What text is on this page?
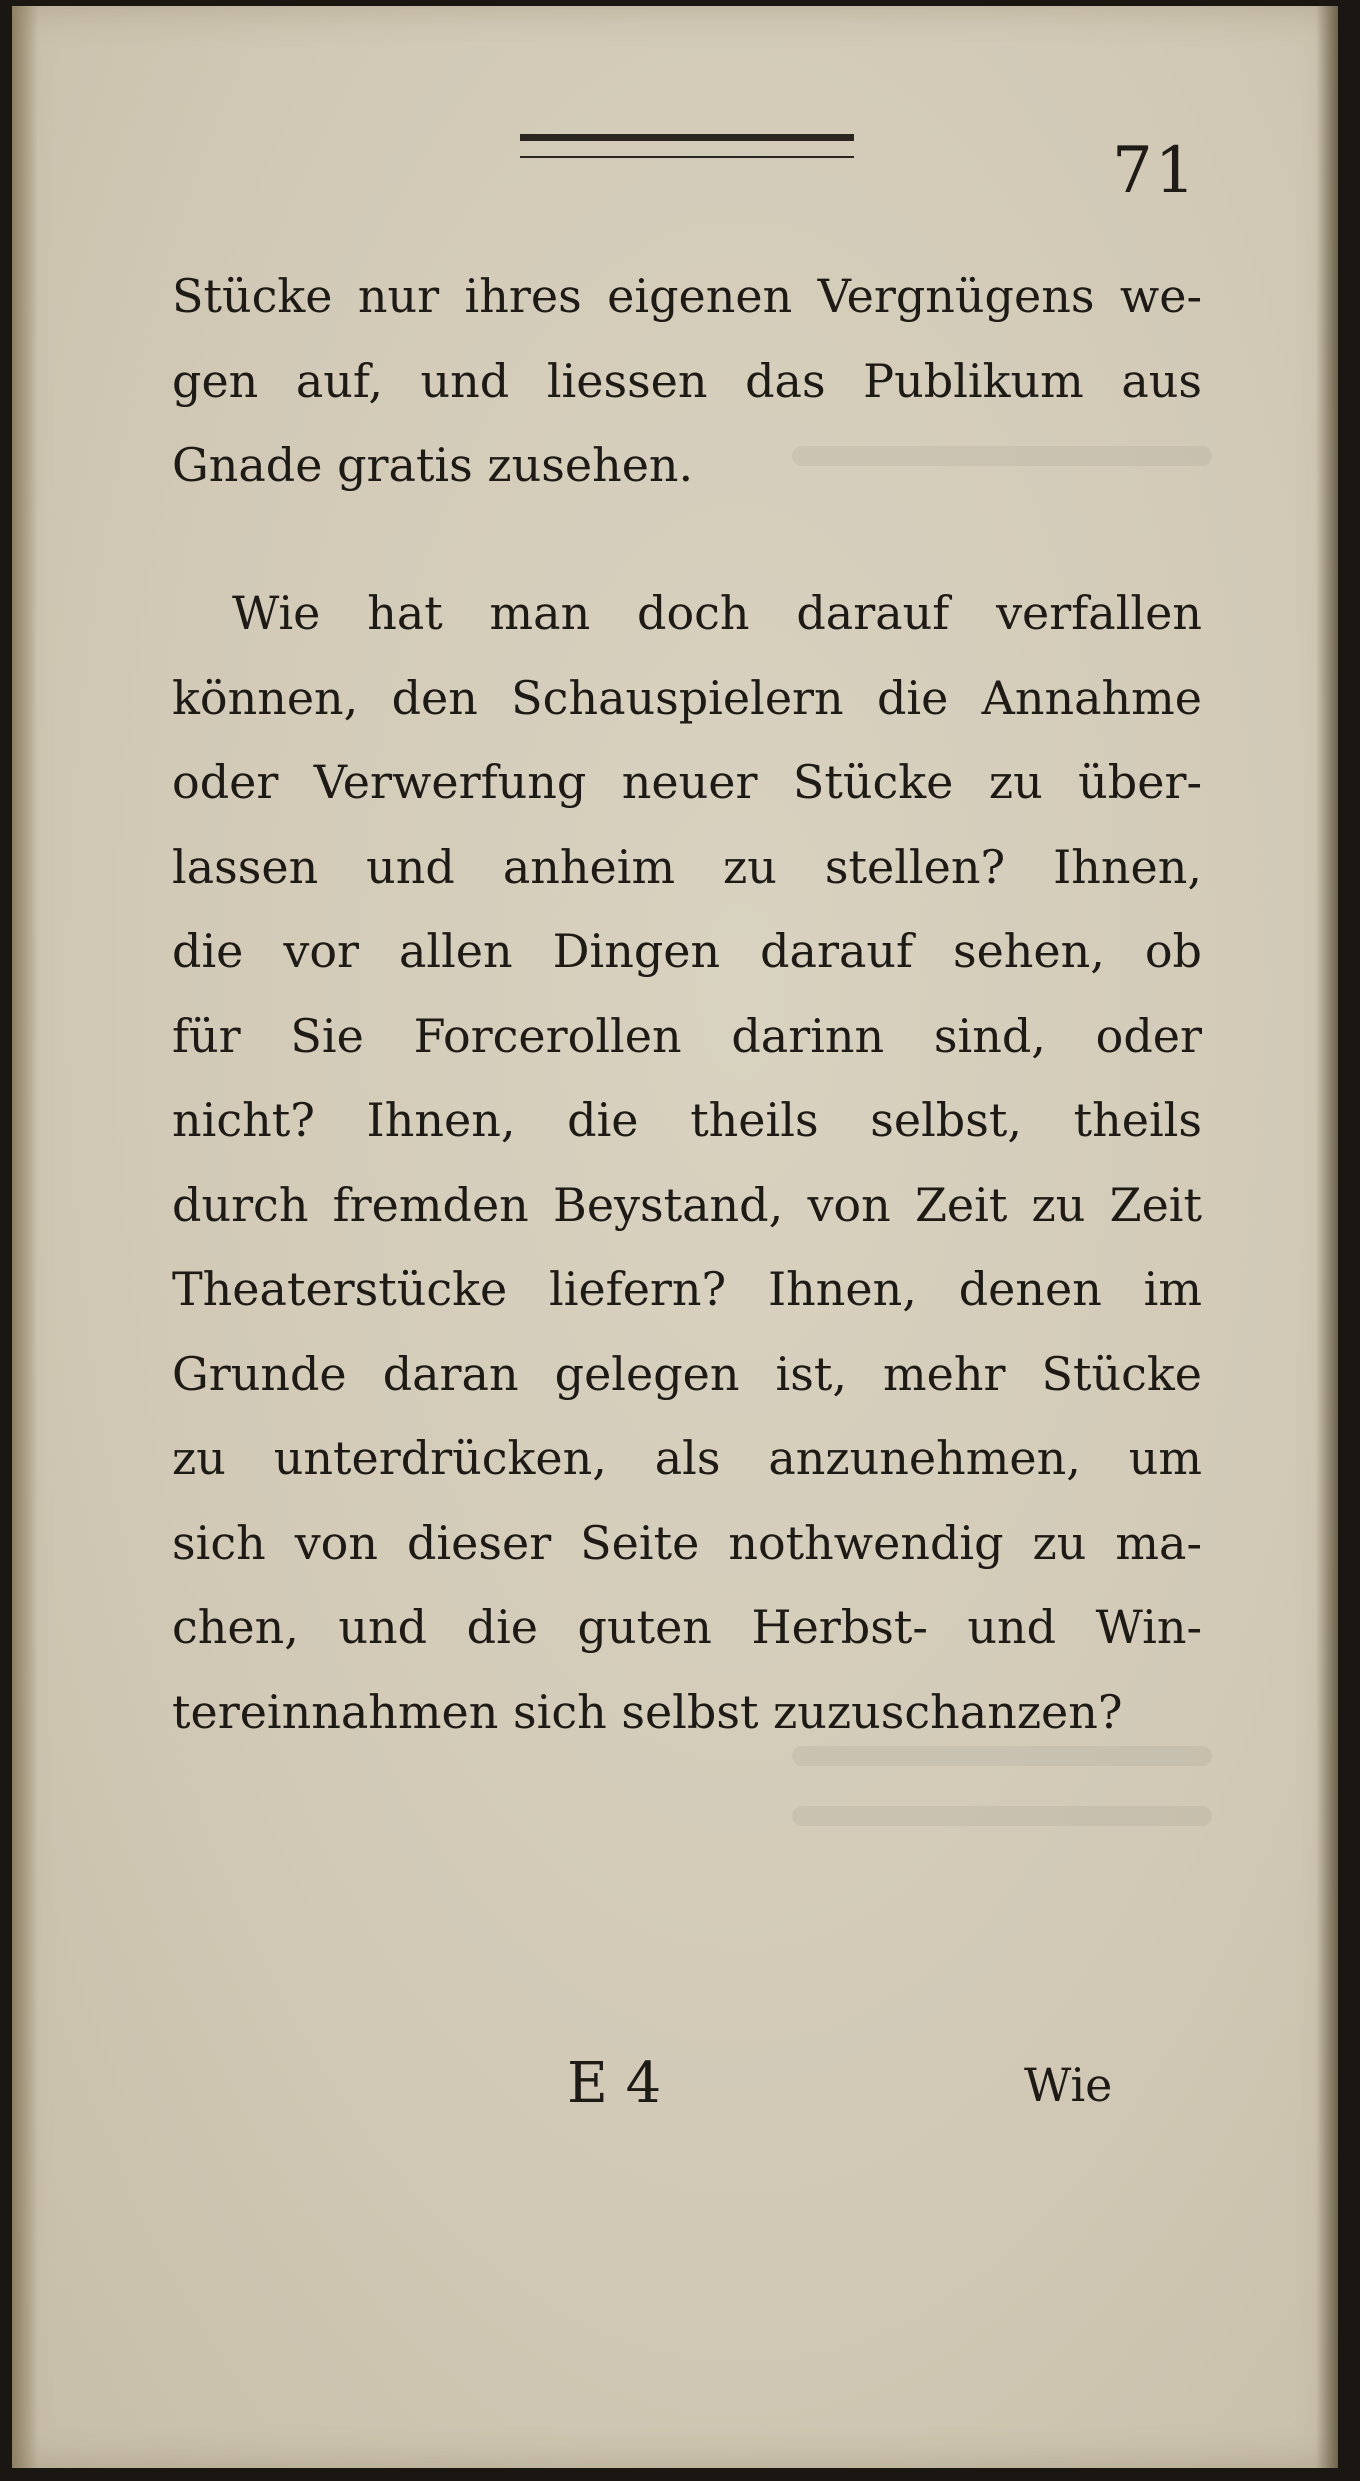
71

Stücke nur ihres eigenen Vergnügens we-
gen auf, und liessen das Publikum aus
Gnade gratis zusehen.

Wie hat man doch darauf verfallen
können, den Schauspielern die Annahme
oder Verwerfung neuer Stücke zu über-
lassen und anheim zu stellen? Ihnen,
die vor allen Dingen darauf sehen, ob
für Sie Forcerollen darinn sind, oder
nicht? Ihnen, die theils selbst, theils
durch fremden Beystand, von Zeit zu Zeit
Theaterstücke liefern? Ihnen, denen im
Grunde daran gelegen ist, mehr Stücke
zu unterdrücken, als anzunehmen, um
sich von dieser Seite nothwendig zu ma-
chen, und die guten Herbst- und Win-
tereinnahmen sich selbst zuzuschanzen?

E 4	Wie
